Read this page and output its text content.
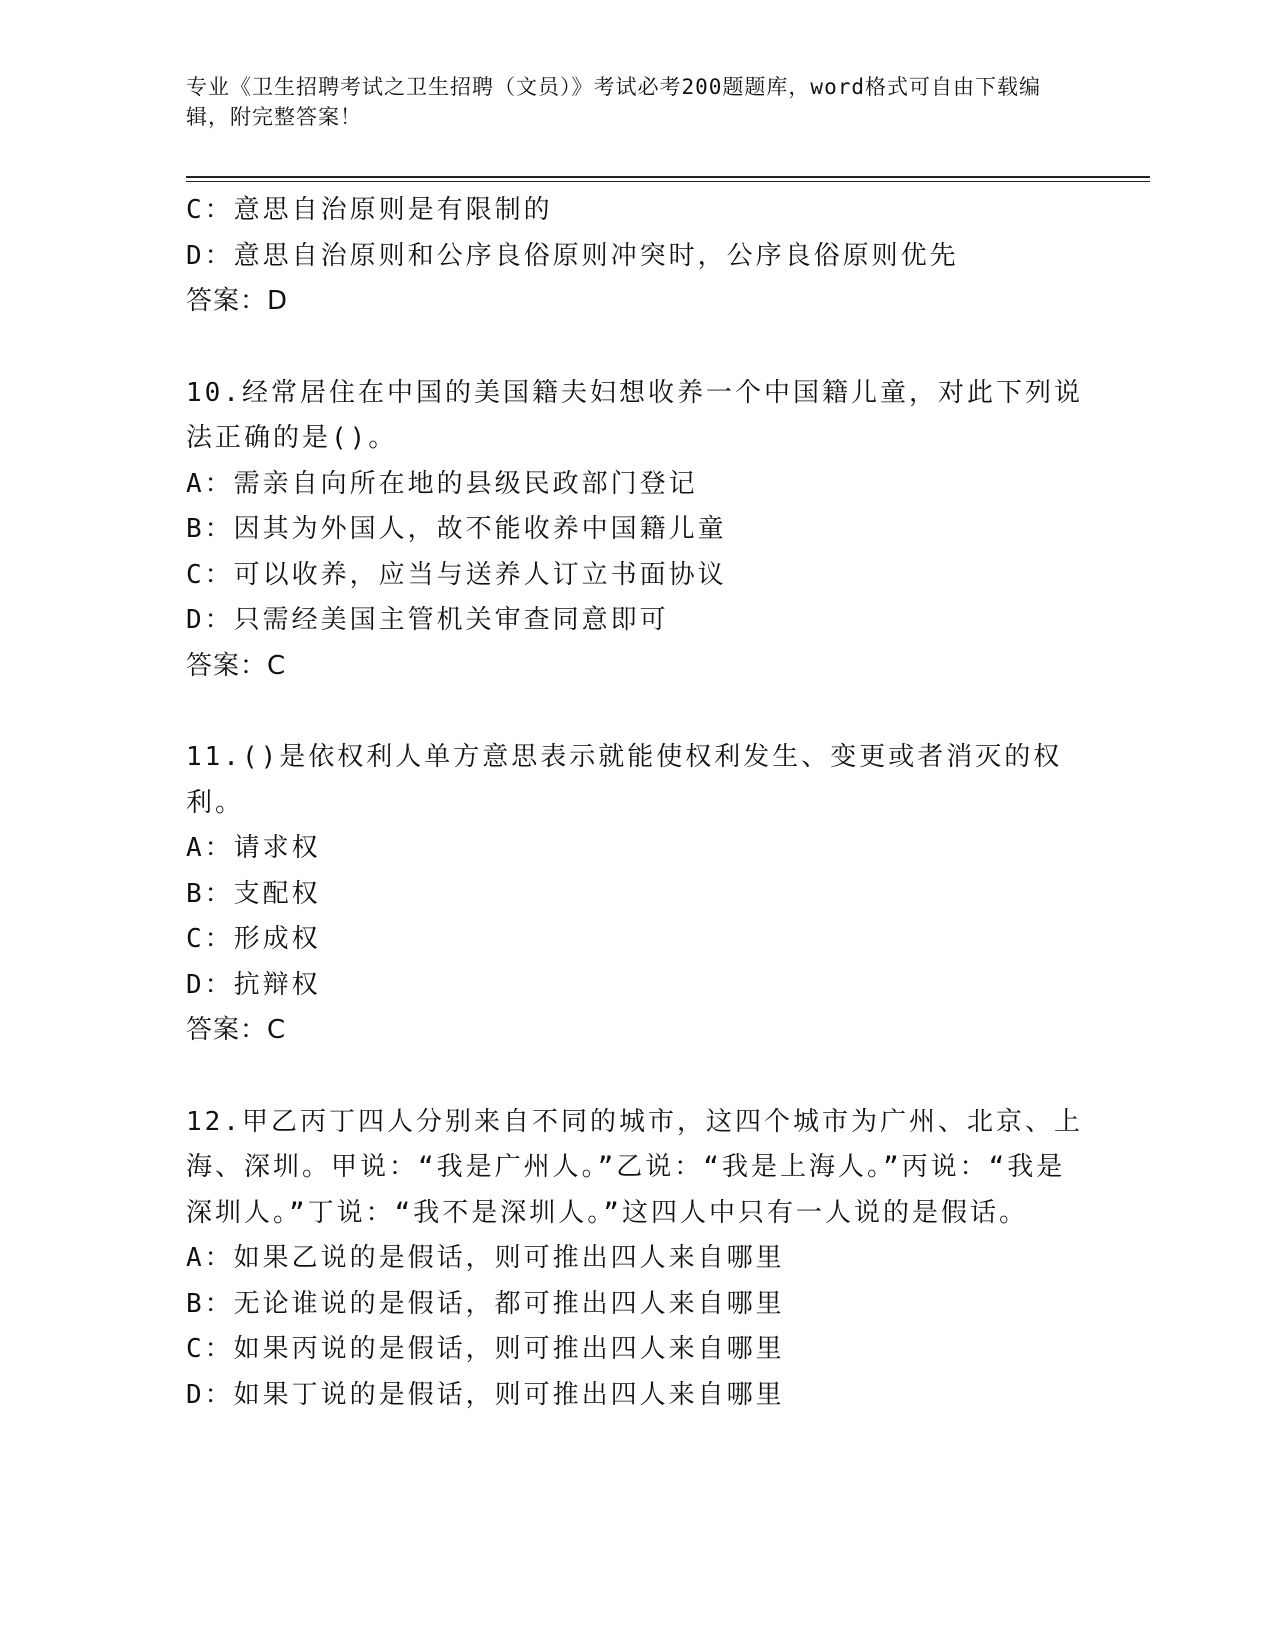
专业《卫生招聘考试之卫生招聘（文员）》考试必考200题题库，word格式可自由下载编辑，附完整答案！

C：意思自治原则是有限制的

D：意思自治原则和公序良俗原则冲突时，公序良俗原则优先

答案：D

10.经常居住在中国的美国籍夫妇想收养一个中国籍儿童，对此下列说法正确的是()。

A：需亲自向所在地的县级民政部门登记

B：因其为外国人，故不能收养中国籍儿童

C：可以收养，应当与送养人订立书面协议

D：只需经美国主管机关审查同意即可

答案：C

11.()是依权利人单方意思表示就能使权利发生、变更或者消灭的权利。

A：请求权

B：支配权

C：形成权

D：抗辩权

答案：C

12.甲乙丙丁四人分别来自不同的城市，这四个城市为广州、北京、上海、深圳。甲说：“我是广州人。”乙说：“我是上海人。”丙说：“我是深圳人。”丁说：“我不是深圳人。”这四人中只有一人说的是假话。

A：如果乙说的是假话，则可推出四人来自哪里

B：无论谁说的是假话，都可推出四人来自哪里

C：如果丙说的是假话，则可推出四人来自哪里

D：如果丁说的是假话，则可推出四人来自哪里
